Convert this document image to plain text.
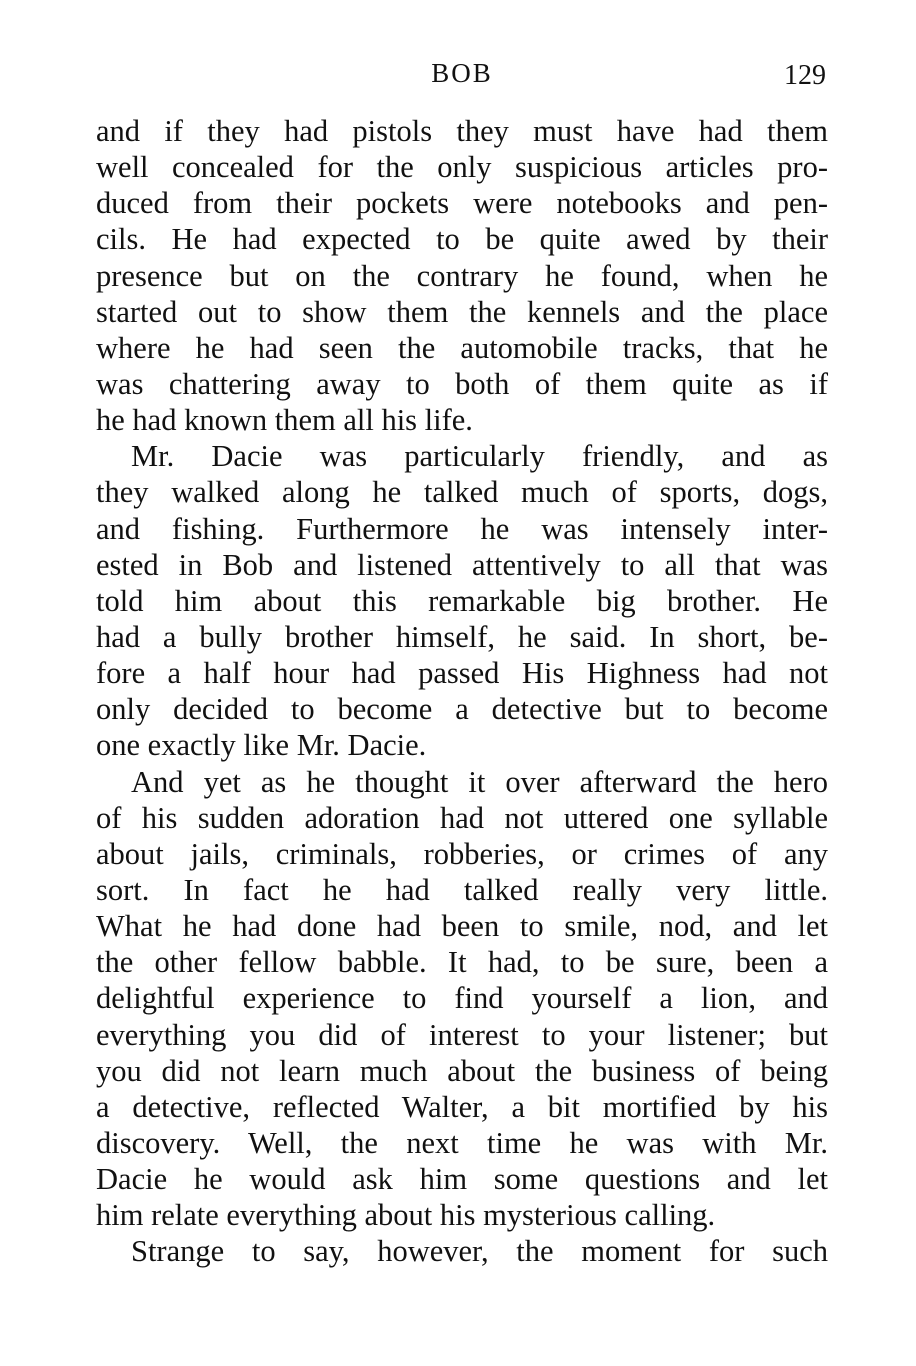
BOB	129
and if they had pistols they must have had them
well concealed for the only suspicious articles pro-
duced from their pockets were notebooks and pen-
cils. He had expected to be quite awed by their
presence but on the contrary he found, when he
started out to show them the kennels and the place
where he had seen the automobile tracks, that he
was chattering away to both of them quite as if
he had known them all his life.
Mr. Dacie was particularly friendly, and as
they walked along he talked much of sports, dogs,
and fishing. Furthermore he was intensely inter-
ested in Bob and listened attentively to all that was
told him about this remarkable big brother. He
had a bully brother himself, he said. In short, be-
fore a half hour had passed His Highness had not
only decided to become a detective but to become
one exactly like Mr. Dacie.
And yet as he thought it over afterward the hero
of his sudden adoration had not uttered one syllable
about jails, criminals, robberies, or crimes of any
sort. In fact he had talked really very little.
What he had done had been to smile, nod, and let
the other fellow babble. It had, to be sure, been a
delightful experience to find yourself a lion, and
everything you did of interest to your listener; but
you did not learn much about the business of being
a detective, reflected Walter, a bit mortified by his
discovery. Well, the next time he was with Mr.
Dacie he would ask him some questions and let
him relate everything about his mysterious calling.
Strange to say, however, the moment for such
